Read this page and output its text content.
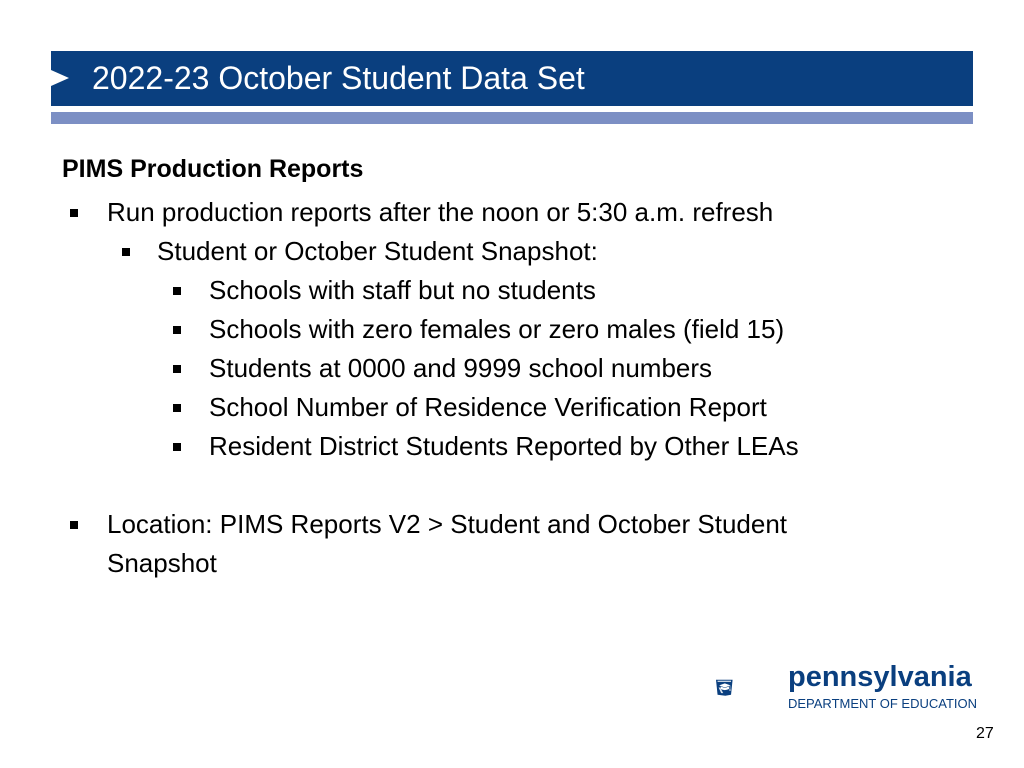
2022-23 October Student Data Set
PIMS Production Reports
Run production reports after the noon or 5:30 a.m. refresh
Student or October Student Snapshot:
Schools with staff but no students
Schools with zero females or zero males (field 15)
Students at 0000 and 9999 school numbers
School Number of Residence Verification Report
Resident District Students Reported by Other LEAs
Location: PIMS Reports V2 > Student and October Student
Snapshot
pennsylvania
DEPARTMENT OF EDUCATION
27
